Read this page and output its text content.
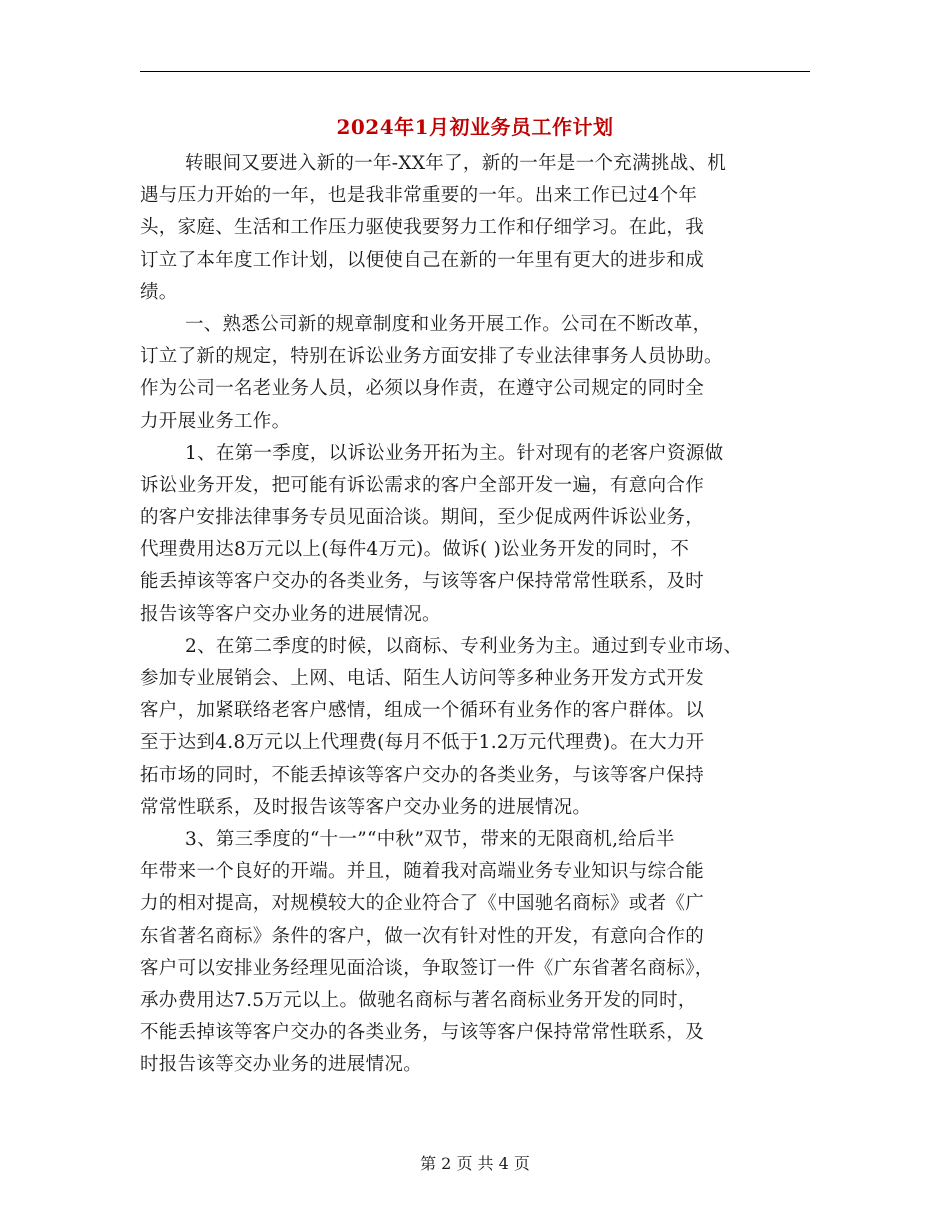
2024年1月初业务员工作计划
转眼间又要进入新的一年-XX年了，新的一年是一个充满挑战、机
遇与压力开始的一年，也是我非常重要的一年。出来工作已过4个年
头，家庭、生活和工作压力驱使我要努力工作和仔细学习。在此，我
订立了本年度工作计划，以便使自己在新的一年里有更大的进步和成
绩。
一、熟悉公司新的规章制度和业务开展工作。公司在不断改革，
订立了新的规定，特别在诉讼业务方面安排了专业法律事务人员协助。
作为公司一名老业务人员，必须以身作责，在遵守公司规定的同时全
力开展业务工作。
1、在第一季度，以诉讼业务开拓为主。针对现有的老客户资源做
诉讼业务开发，把可能有诉讼需求的客户全部开发一遍，有意向合作
的客户安排法律事务专员见面洽谈。期间，至少促成两件诉讼业务，
代理费用达8万元以上(每件4万元)。做诉( )讼业务开发的同时，不
能丢掉该等客户交办的各类业务，与该等客户保持常常性联系，及时
报告该等客户交办业务的进展情况。
2、在第二季度的时候，以商标、专利业务为主。通过到专业市场、
参加专业展销会、上网、电话、陌生人访问等多种业务开发方式开发
客户，加紧联络老客户感情，组成一个循环有业务作的客户群体。以
至于达到4.8万元以上代理费(每月不低于1.2万元代理费)。在大力开
拓市场的同时，不能丢掉该等客户交办的各类业务，与该等客户保持
常常性联系，及时报告该等客户交办业务的进展情况。
3、第三季度的“十一”“中秋”双节，带来的无限商机,给后半
年带来一个良好的开端。并且，随着我对高端业务专业知识与综合能
力的相对提高，对规模较大的企业符合了《中国驰名商标》或者《广
东省著名商标》条件的客户，做一次有针对性的开发，有意向合作的
客户可以安排业务经理见面洽谈，争取签订一件《广东省著名商标》，
承办费用达7.5万元以上。做驰名商标与著名商标业务开发的同时，
不能丢掉该等客户交办的各类业务，与该等客户保持常常性联系，及
时报告该等交办业务的进展情况。
第 2 页 共 4 页
